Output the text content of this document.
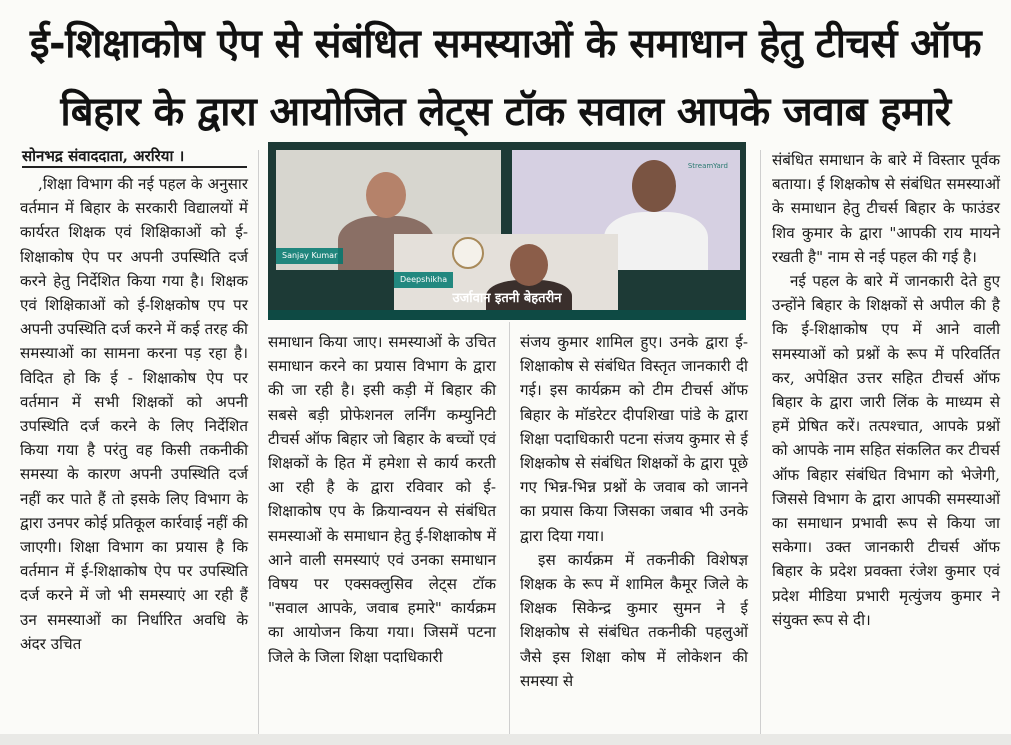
ई-शिक्षाकोष ऐप से संबंधित समस्याओं के समाधान हेतु टीचर्स ऑफ
बिहार के द्वारा आयोजित लेट्स टॉक सवाल आपके जवाब हमारे
सोनभद्र संवाददाता, अररिया ।

,शिक्षा विभाग की नई पहल के अनुसार वर्तमान में बिहार के सरकारी विद्यालयों में कार्यरत शिक्षक एवं शिक्षिकाओं को ई-शिक्षाकोष ऐप पर अपनी उपस्थिति दर्ज करने हेतु निर्देशित किया गया है। शिक्षक एवं शिक्षिकाओं को ई-शिक्षकोष एप पर अपनी उपस्थिति दर्ज करने में कई तरह की समस्याओं का सामना करना पड़ रहा है। विदित हो कि ई - शिक्षाकोष ऐप पर वर्तमान में सभी शिक्षकों को अपनी उपस्थिति दर्ज करने के लिए निर्देशित किया गया है परंतु वह किसी तकनीकी समस्या के कारण अपनी उपस्थिति दर्ज नहीं कर पाते हैं तो इसके लिए विभाग के द्वारा उनपर कोई प्रतिकूल कार्रवाई नहीं की जाएगी। शिक्षा विभाग का प्रयास है कि वर्तमान में ई-शिक्षाकोष ऐप पर उपस्थिति दर्ज करने में जो भी समस्याएं आ रही हैं उन समस्याओं का निर्धारित अवधि के अंदर उचित

Sanjay Kumar
StreamYard
Deepshikha
उर्जावान इतनी बेहतरीन

समाधान किया जाए। समस्याओं के उचित समाधान करने का प्रयास विभाग के द्वारा की जा रही है। इसी कड़ी में बिहार की सबसे बड़ी प्रोफेशनल लर्निंग कम्युनिटी टीचर्स ऑफ बिहार जो बिहार के बच्चों एवं शिक्षकों के हित में हमेशा से कार्य करती आ रही है के द्वारा रविवार को ई-शिक्षाकोष एप के क्रियान्वयन से संबंधित समस्याओं के समाधान हेतु ई-शिक्षाकोष में आने वाली समस्याएं एवं उनका समाधान विषय पर एक्सक्लुसिव लेट्स टॉक "सवाल आपके, जवाब हमारे" कार्यक्रम का आयोजन किया गया। जिसमें पटना जिले के जिला शिक्षा पदाधिकारी

संजय कुमार शामिल हुए। उनके द्वारा ई-शिक्षाकोष से संबंधित विस्तृत जानकारी दी गई। इस कार्यक्रम को टीम टीचर्स ऑफ बिहार के मॉडरेटर दीपशिखा पांडे के द्वारा शिक्षा पदाधिकारी पटना संजय कुमार से ई शिक्षकोष से संबंधित शिक्षकों के द्वारा पूछे गए भिन्न-भिन्न प्रश्नों के जवाब को जानने का प्रयास किया जिसका जबाव भी उनके द्वारा दिया गया।

इस कार्यक्रम में तकनीकी विशेषज्ञ शिक्षक के रूप में शामिल कैमूर जिले के शिक्षक सिकेन्द्र कुमार सुमन ने ई शिक्षकोष से संबंधित तकनीकी पहलुओं जैसे इस शिक्षा कोष में लोकेशन की समस्या से

संबंधित समाधान के बारे में विस्तार पूर्वक बताया। ई शिक्षकोष से संबंधित समस्याओं के समाधान हेतु टीचर्स बिहार के फाउंडर शिव कुमार के द्वारा "आपकी राय मायने रखती है" नाम से नई पहल की गई है।

नई पहल के बारे में जानकारी देते हुए उन्होंने बिहार के शिक्षकों से अपील की है कि ई-शिक्षाकोष एप में आने वाली समस्याओं को प्रश्नों के रूप में परिवर्तित कर, अपेक्षित उत्तर सहित टीचर्स ऑफ बिहार के द्वारा जारी लिंक के माध्यम से हमें प्रेषित करें। तत्पश्चात, आपके प्रश्नों को आपके नाम सहित संकलित कर टीचर्स ऑफ बिहार संबंधित विभाग को भेजेगी, जिससे विभाग के द्वारा आपकी समस्याओं का समाधान प्रभावी रूप से किया जा सकेगा। उक्त जानकारी टीचर्स ऑफ बिहार के प्रदेश प्रवक्ता रंजेश कुमार एवं प्रदेश मीडिया प्रभारी मृत्युंजय कुमार ने संयुक्त रूप से दी।
